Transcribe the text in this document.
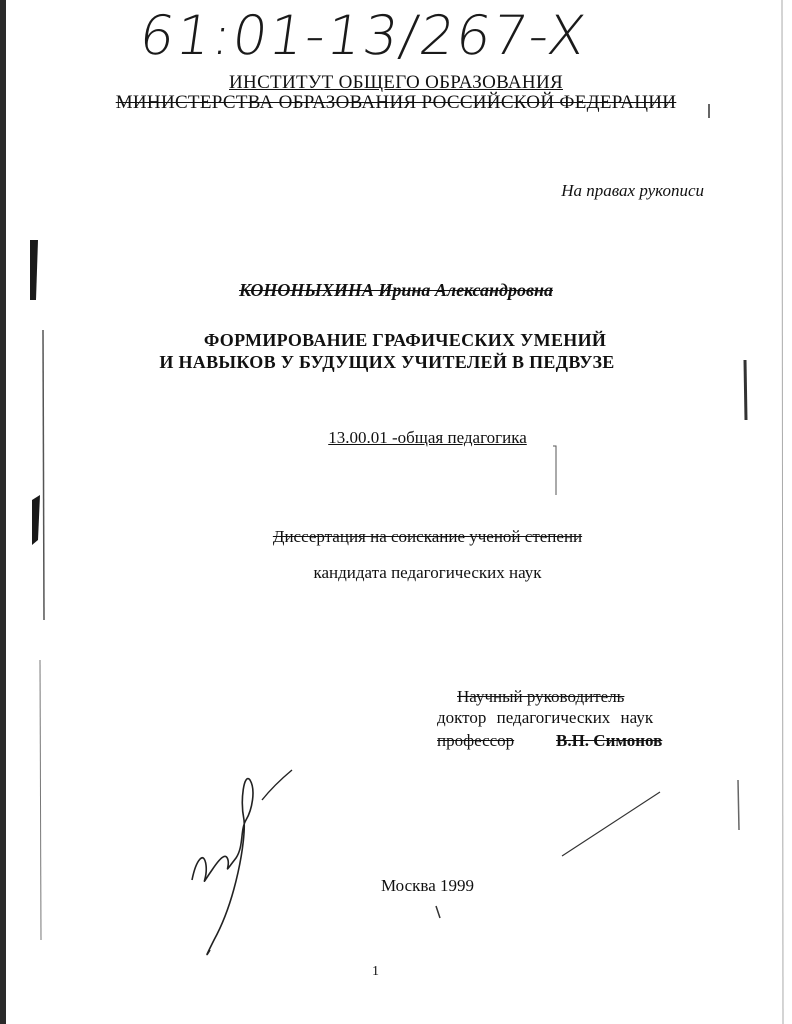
61:01-13/267-X
ИНСТИТУТ ОБЩЕГО ОБРАЗОВАНИЯ
МИНИСТЕРСТВА ОБРАЗОВАНИЯ РОССИЙСКОЙ ФЕДЕРАЦИИ
На правах рукописи
КОНОНЫХИНА Ирина Александровна
ФОРМИРОВАНИЕ ГРАФИЧЕСКИХ УМЕНИЙ
И НАВЫКОВ У БУДУЩИХ УЧИТЕЛЕЙ В ПЕДВУЗЕ
13.00.01 -общая педагогика
Диссертация на соискание ученой степени
кандидата педагогических наук
Научный руководитель
доктор педагогических наук
профессор В.П. Симонов
Москва 1999
1
